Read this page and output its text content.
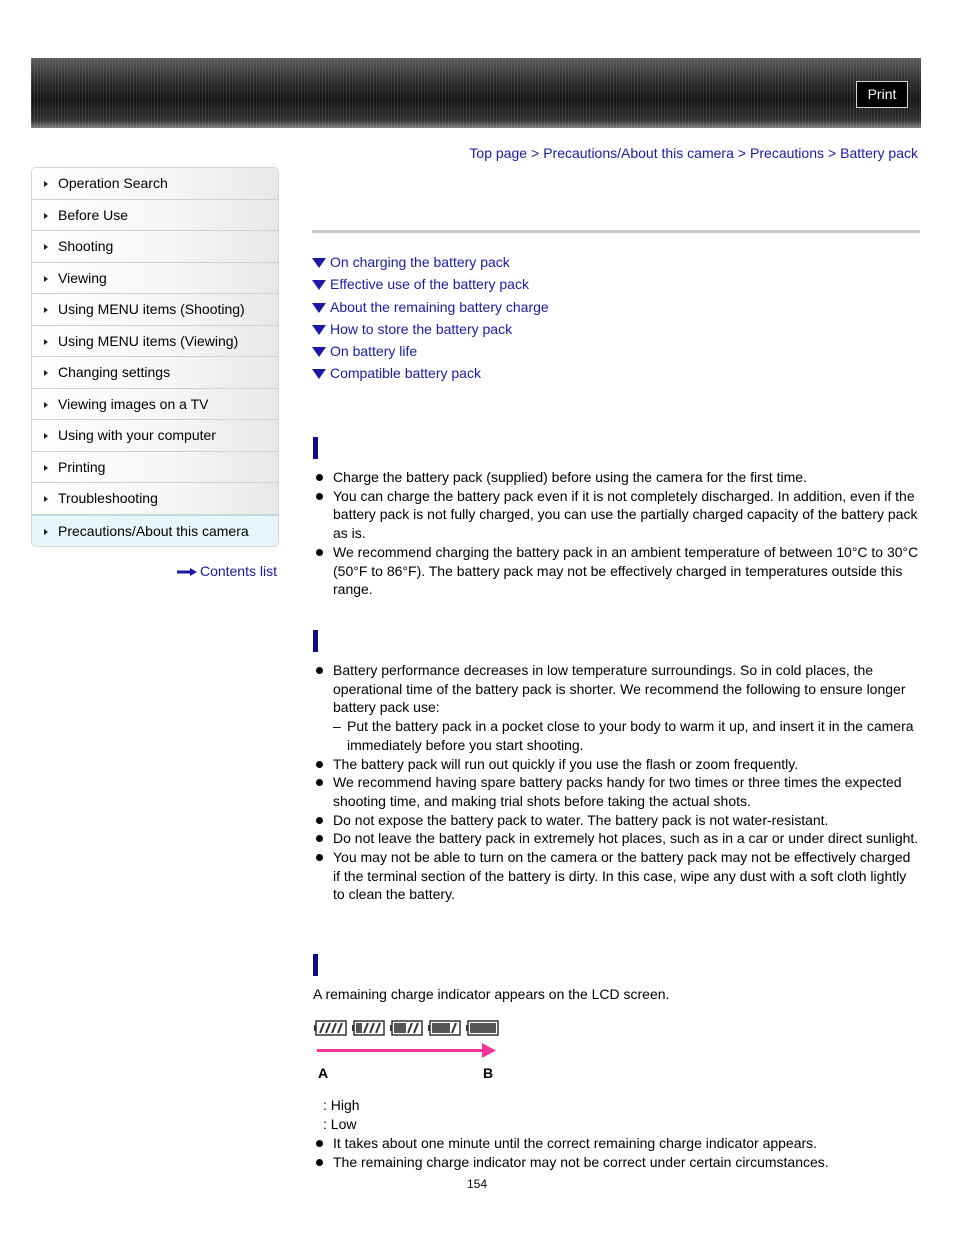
Print
Top page > Precautions/About this camera > Precautions > Battery pack
Operation Search
Before Use
Shooting
Viewing
Using MENU items (Shooting)
Using MENU items (Viewing)
Changing settings
Viewing images on a TV
Using with your computer
Printing
Troubleshooting
Precautions/About this camera
Contents list
On charging the battery pack
Effective use of the battery pack
About the remaining battery charge
How to store the battery pack
On battery life
Compatible battery pack
Charge the battery pack (supplied) before using the camera for the first time.
You can charge the battery pack even if it is not completely discharged. In addition, even if the battery pack is not fully charged, you can use the partially charged capacity of the battery pack as is.
We recommend charging the battery pack in an ambient temperature of between 10°C to 30°C (50°F to 86°F). The battery pack may not be effectively charged in temperatures outside this range.
Battery performance decreases in low temperature surroundings. So in cold places, the operational time of the battery pack is shorter. We recommend the following to ensure longer battery pack use:
– Put the battery pack in a pocket close to your body to warm it up, and insert it in the camera immediately before you start shooting.
The battery pack will run out quickly if you use the flash or zoom frequently.
We recommend having spare battery packs handy for two times or three times the expected shooting time, and making trial shots before taking the actual shots.
Do not expose the battery pack to water. The battery pack is not water-resistant.
Do not leave the battery pack in extremely hot places, such as in a car or under direct sunlight.
You may not be able to turn on the camera or the battery pack may not be effectively charged if the terminal section of the battery is dirty. In this case, wipe any dust with a soft cloth lightly to clean the battery.
A remaining charge indicator appears on the LCD screen.
A	B
: High
: Low
It takes about one minute until the correct remaining charge indicator appears.
The remaining charge indicator may not be correct under certain circumstances.
154
